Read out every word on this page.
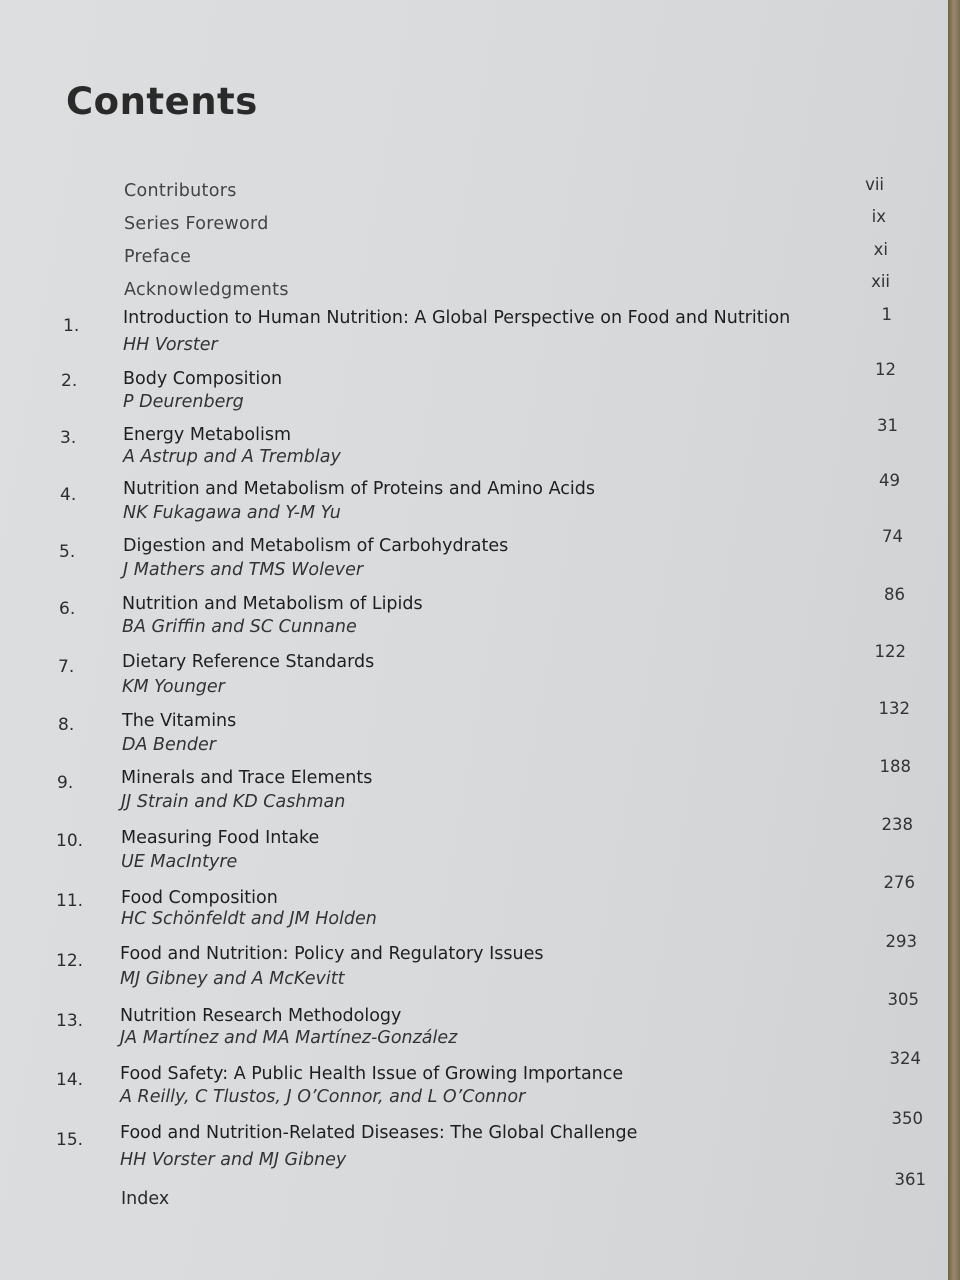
Contents
Contributors	vii
Series Foreword	ix
Preface	xi
Acknowledgments	xii
1.	Introduction to Human Nutrition: A Global Perspective on Food and Nutrition
HH Vorster
1
2.	Body Composition
P Deurenberg
12
3.	Energy Metabolism
A Astrup and A Tremblay
31
4.	Nutrition and Metabolism of Proteins and Amino Acids
NK Fukagawa and Y-M Yu
49
5.	Digestion and Metabolism of Carbohydrates
J Mathers and TMS Wolever
74
6.	Nutrition and Metabolism of Lipids
BA Griffin and SC Cunnane
86
7.	Dietary Reference Standards
KM Younger
122
8.	The Vitamins
DA Bender
132
9.	Minerals and Trace Elements
JJ Strain and KD Cashman
188
10. Measuring Food Intake
UE MacIntyre
238
11. Food Composition
HC Schönfeldt and JM Holden
276
12. Food and Nutrition: Policy and Regulatory Issues
MJ Gibney and A McKevitt
293
13. Nutrition Research Methodology
JA Martínez and MA Martínez-González
305
14. Food Safety: A Public Health Issue of Growing Importance
A Reilly, C Tlustos, J O’Connor, and L O’Connor
324
15. Food and Nutrition-Related Diseases: The Global Challenge
HH Vorster and MJ Gibney
350
Index
361
